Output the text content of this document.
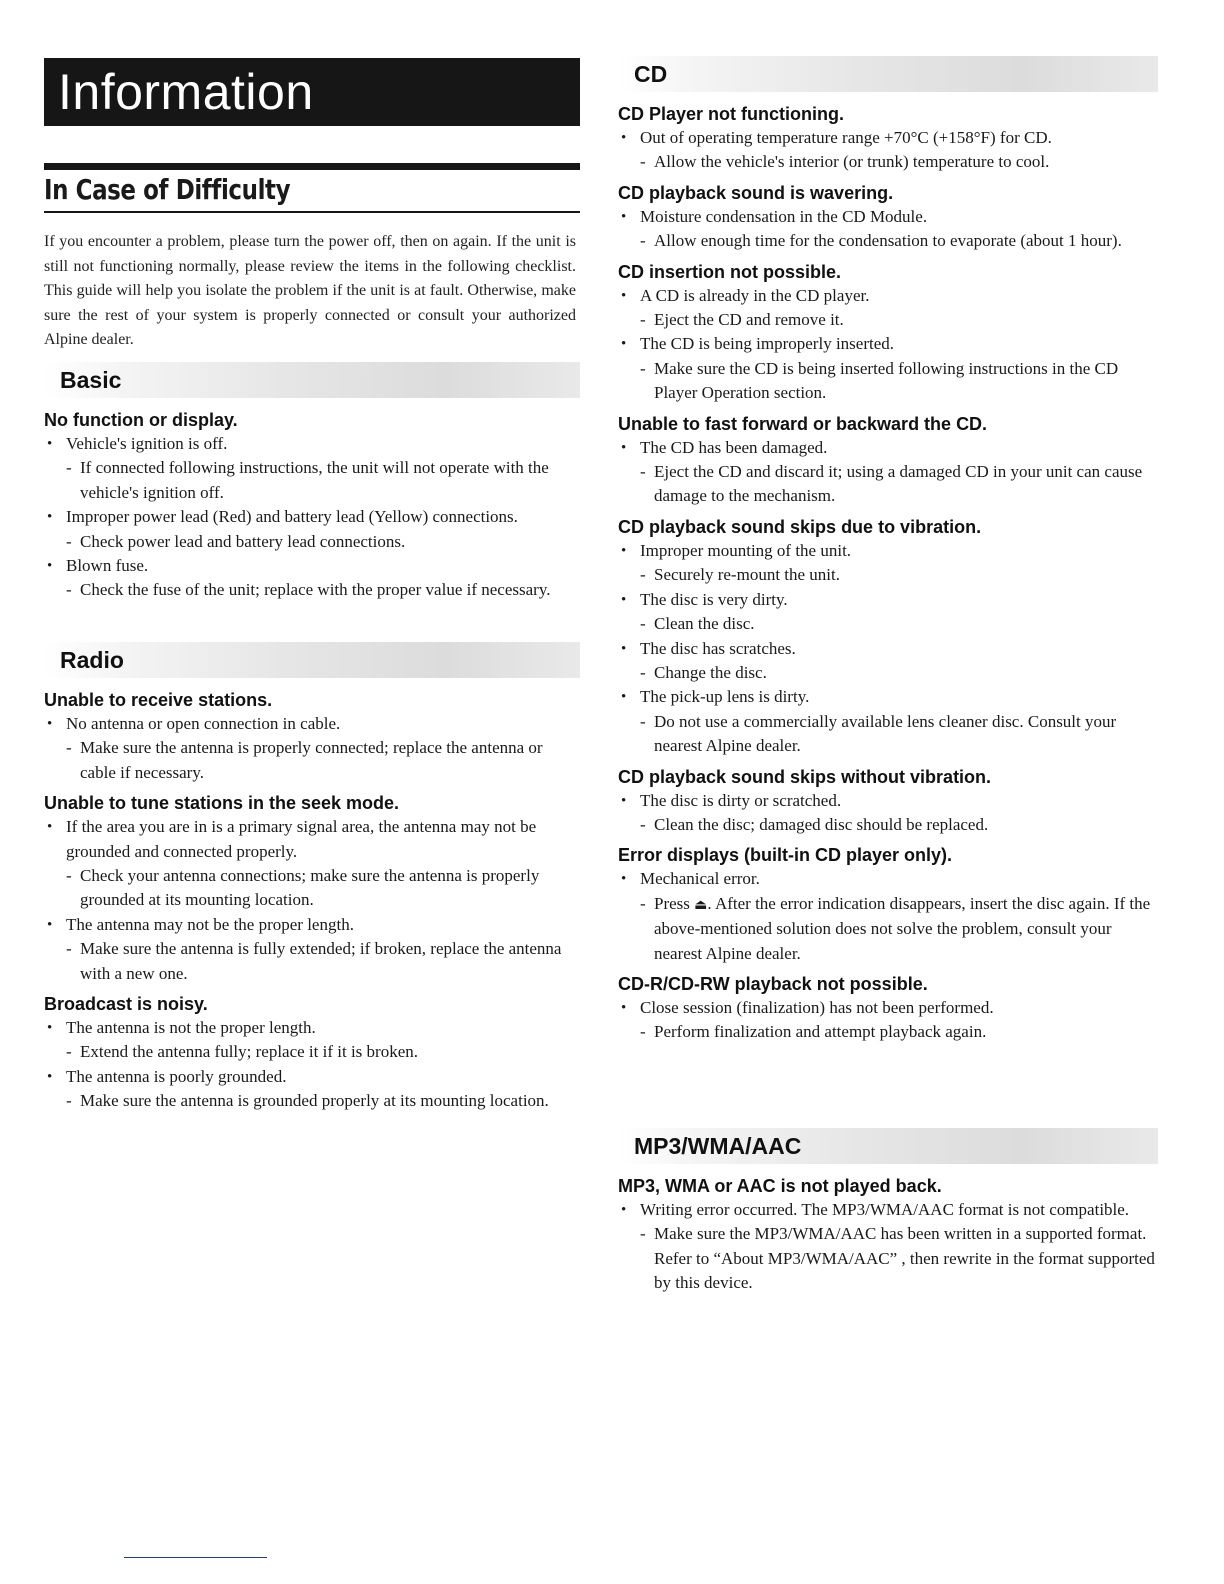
Information
In Case of Difficulty

If you encounter a problem, please turn the power off, then on again. If the unit is still not functioning normally, please review the items in the following checklist. This guide will help you isolate the problem if the unit is at fault. Otherwise, make sure the rest of your system is properly connected or consult your authorized Alpine dealer.

Basic
No function or display.
• Vehicle's ignition is off.
- If connected following instructions, the unit will not operate with the vehicle's ignition off.
• Improper power lead (Red) and battery lead (Yellow) connections.
- Check power lead and battery lead connections.
• Blown fuse.
- Check the fuse of the unit; replace with the proper value if necessary.
Radio
Unable to receive stations.
• No antenna or open connection in cable.
- Make sure the antenna is properly connected; replace the antenna or cable if necessary.
Unable to tune stations in the seek mode.
• If the area you are in is a primary signal area, the antenna may not be grounded and connected properly.
- Check your antenna connections; make sure the antenna is properly grounded at its mounting location.
• The antenna may not be the proper length.
- Make sure the antenna is fully extended; if broken, replace the antenna with a new one.
Broadcast is noisy.
• The antenna is not the proper length.
- Extend the antenna fully; replace it if it is broken.
• The antenna is poorly grounded.
- Make sure the antenna is grounded properly at its mounting location.
CD
CD Player not functioning.
• Out of operating temperature range +70°C (+158°F) for CD.
- Allow the vehicle's interior (or trunk) temperature to cool.
CD playback sound is wavering.
• Moisture condensation in the CD Module.
- Allow enough time for the condensation to evaporate (about 1 hour).
CD insertion not possible.
• A CD is already in the CD player.
- Eject the CD and remove it.
• The CD is being improperly inserted.
- Make sure the CD is being inserted following instructions in the CD Player Operation section.
Unable to fast forward or backward the CD.
• The CD has been damaged.
- Eject the CD and discard it; using a damaged CD in your unit can cause damage to the mechanism.
CD playback sound skips due to vibration.
• Improper mounting of the unit.
- Securely re-mount the unit.
• The disc is very dirty.
- Clean the disc.
• The disc has scratches.
- Change the disc.
• The pick-up lens is dirty.
- Do not use a commercially available lens cleaner disc. Consult your nearest Alpine dealer.
CD playback sound skips without vibration.
• The disc is dirty or scratched.
- Clean the disc; damaged disc should be replaced.
Error displays (built-in CD player only).
• Mechanical error.
- Press ⏏. After the error indication disappears, insert the disc again. If the above-mentioned solution does not solve the problem, consult your nearest Alpine dealer.
CD-R/CD-RW playback not possible.
• Close session (finalization) has not been performed.
- Perform finalization and attempt playback again.
MP3/WMA/AAC
MP3, WMA or AAC is not played back.
• Writing error occurred. The MP3/WMA/AAC format is not compatible.
- Make sure the MP3/WMA/AAC has been written in a supported format. Refer to “About MP3/WMA/AAC” , then rewrite in the format supported by this device.
